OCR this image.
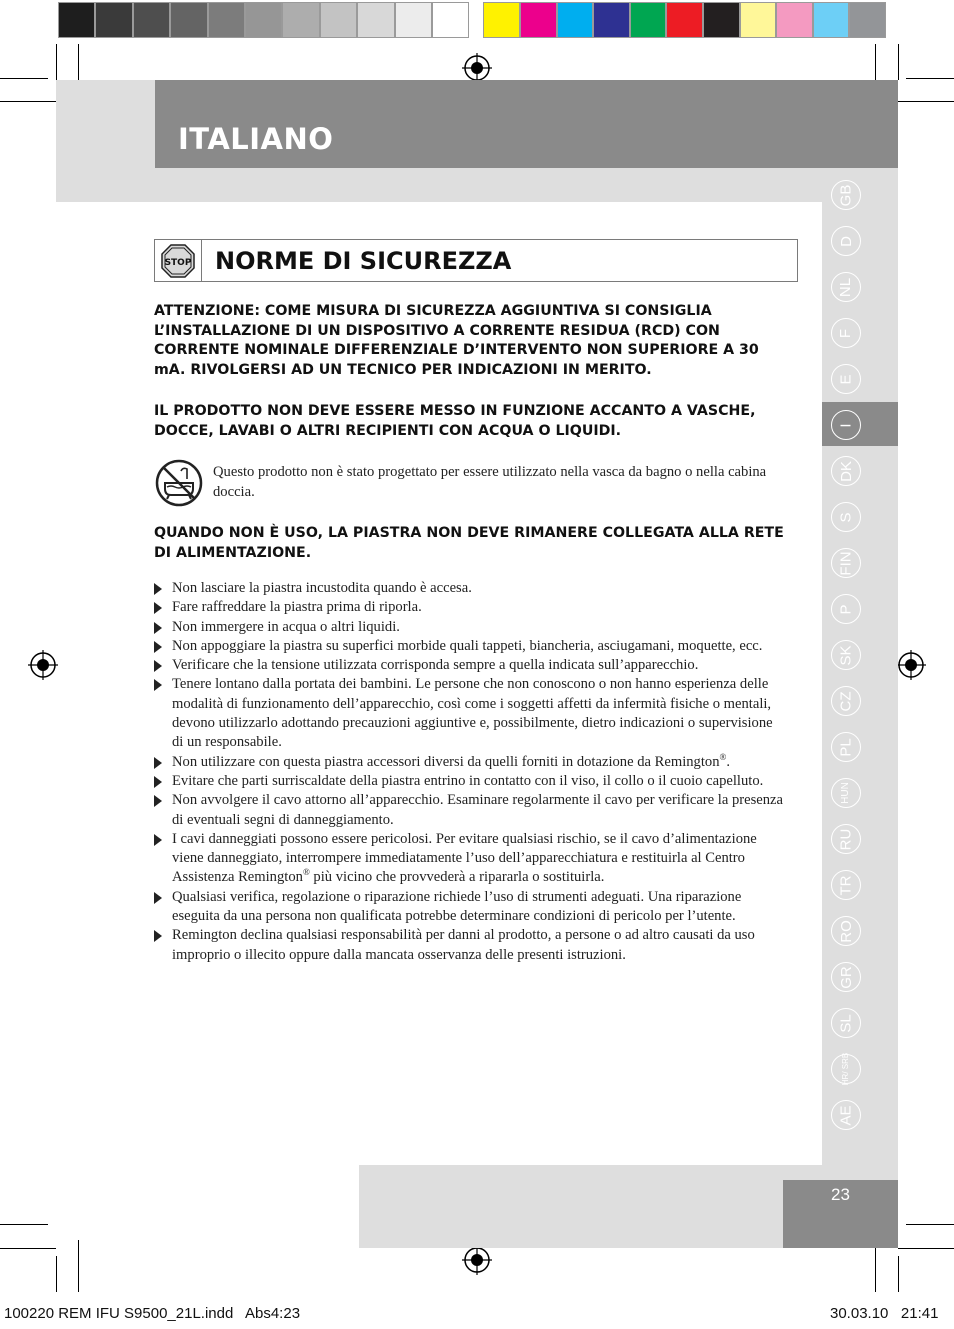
ITALIANO
GB
D
NL
F
E
I
DK
S
FIN
P
SK
CZ
PL
HUN
RU
TR
RO
GR
SL
HR/ SRB
AE
23
STOP NORME DI SICUREZZA

ATTENZIONE: COME MISURA DI SICUREZZA AGGIUNTIVA SI CONSIGLIA L’INSTALLAZIONE DI UN DISPOSITIVO A CORRENTE RESIDUA (RCD) CON CORRENTE NOMINALE DIFFERENZIALE D’INTERVENTO NON SUPERIORE A 30 mA. RIVOLGERSI AD UN TECNICO PER INDICAZIONI IN MERITO.

IL PRODOTTO NON DEVE ESSERE MESSO IN FUNZIONE ACCANTO A VASCHE, DOCCE, LAVABI O ALTRI RECIPIENTI CON ACQUA O LIQUIDI.

Questo prodotto non è stato progettato per essere utilizzato nella vasca da bagno o nella cabina doccia.

QUANDO NON È USO, LA PIASTRA NON DEVE RIMANERE COLLEGATA ALLA RETE DI ALIMENTAZIONE.

Non lasciare la piastra incustodita quando è accesa.
Fare raffreddare la piastra prima di riporla.
Non immergere in acqua o altri liquidi.
Non appoggiare la piastra su superfici morbide quali tappeti, biancheria, asciugamani, moquette, ecc.
Verificare che la tensione utilizzata corrisponda sempre a quella indicata sull’apparecchio.
Tenere lontano dalla portata dei bambini. Le persone che non conoscono o non hanno esperienza delle modalità di funzionamento dell’apparecchio, così come i soggetti affetti da infermità fisiche o mentali, devono utilizzarlo adottando precauzioni aggiuntive e, possibilmente, dietro indicazioni o supervisione di un responsabile.
Non utilizzare con questa piastra accessori diversi da quelli forniti in dotazione da Remington®.
Evitare che parti surriscaldate della piastra entrino in contatto con il viso, il collo o il cuoio capelluto.
Non avvolgere il cavo attorno all’apparecchio. Esaminare regolarmente il cavo per verificare la presenza di eventuali segni di danneggiamento.
I cavi danneggiati possono essere pericolosi. Per evitare qualsiasi rischio, se il cavo d’alimentazione viene danneggiato, interrompere immediatamente l’uso dell’apparecchiatura e restituirla al Centro Assistenza Remington® più vicino che provvederà a ripararla o sostituirla.
Qualsiasi verifica, regolazione o riparazione richiede l’uso di strumenti adeguati. Una riparazione eseguita da una persona non qualificata potrebbe determinare condizioni di pericolo per l’utente.
Remington declina qualsiasi responsabilità per danni al prodotto, a persone o ad altro causati da uso improprio o illecito oppure dalla mancata osservanza delle presenti istruzioni.

100220 REM IFU S9500_21L.indd   Abs4:23	30.03.10   21:41
